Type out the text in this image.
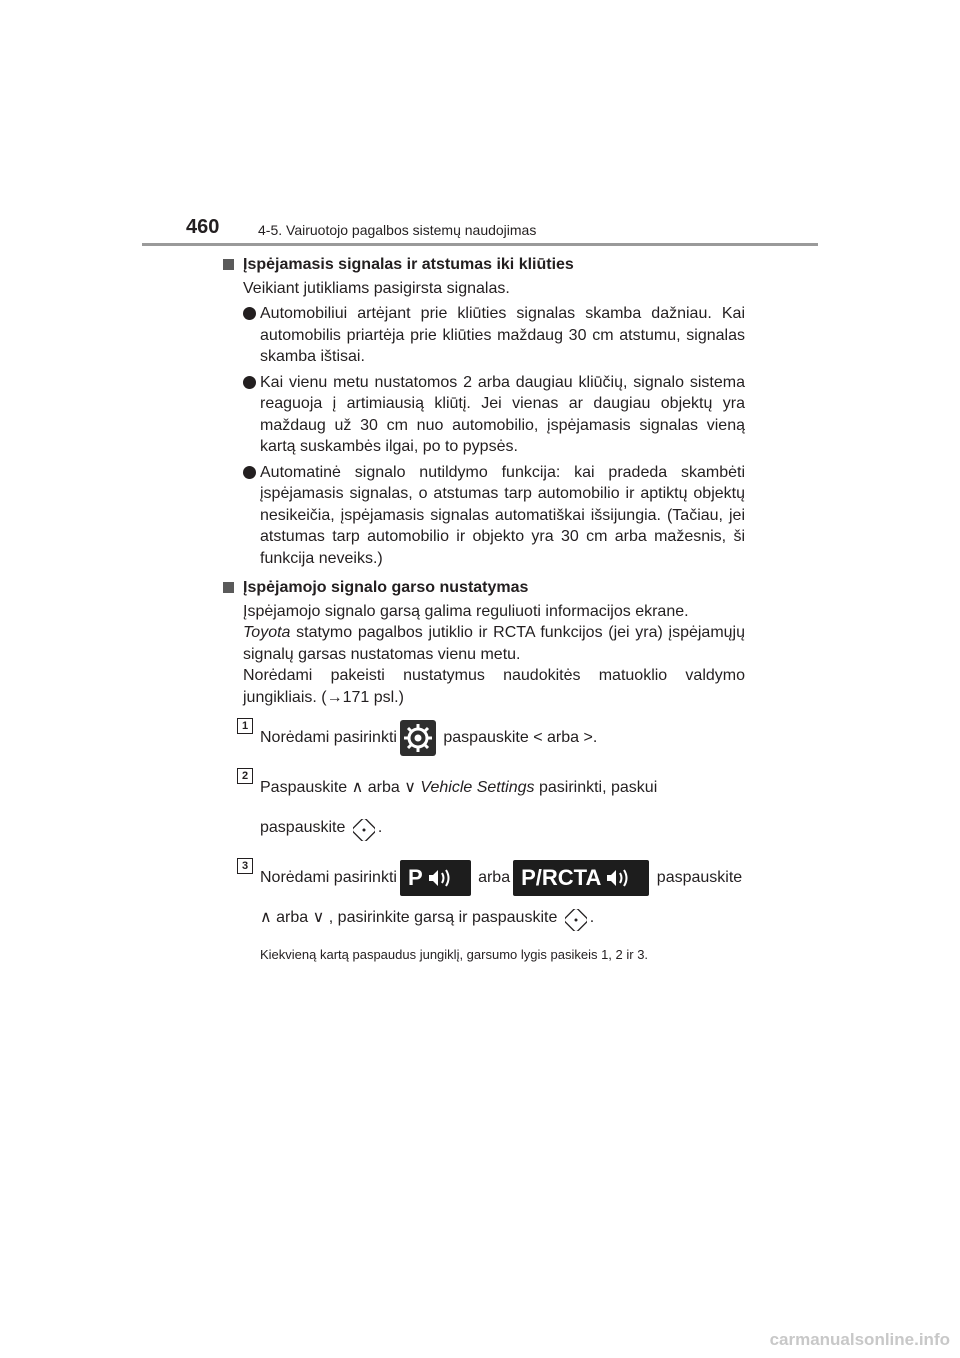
460	4-5. Vairuotojo pagalbos sistemų naudojimas
Įspėjamasis signalas ir atstumas iki kliūties
Veikiant jutikliams pasigirsta signalas.
Automobiliui artėjant prie kliūties signalas skamba dažniau. Kai automobilis priartėja prie kliūties maždaug 30 cm atstumu, signalas skamba ištisai.
Kai vienu metu nustatomos 2 arba daugiau kliūčių, signalo sistema reaguoja į artimiausią kliūtį. Jei vienas ar daugiau objektų yra maždaug už 30 cm nuo automobilio, įspėjamasis signalas vieną kartą suskambės ilgai, po to pypsės.
Automatinė signalo nutildymo funkcija: kai pradeda skambėti įspėjamasis signalas, o atstumas tarp automobilio ir aptiktų objektų nesikeičia, įspėjamasis signalas automatiškai išsijungia. (Tačiau, jei atstumas tarp automobilio ir objekto yra 30 cm arba mažesnis, ši funkcija neveiks.)
Įspėjamojo signalo garso nustatymas
Įspėjamojo signalo garsą galima reguliuoti informacijos ekrane.
Toyota statymo pagalbos jutiklio ir RCTA funkcijos (jei yra) įspėjamųjų signalų garsas nustatomas vienu metu.
Norėdami pakeisti nustatymus naudokitės matuoklio valdymo jungikliais. (→171 psl.)
1
Norėdami pasirinkti	paspauskite < arba >.
2
Paspauskite ∧ arba ∨ Vehicle Settings pasirinkti, paskui
paspauskite .
3
Norėdami pasirinkti P	arba P/RCTA	paspauskite
∧ arba ∨ , pasirinkite garsą ir paspauskite .
Kiekvieną kartą paspaudus jungiklį, garsumo lygis pasikeis 1, 2 ir 3.
carmanualsonline.info
